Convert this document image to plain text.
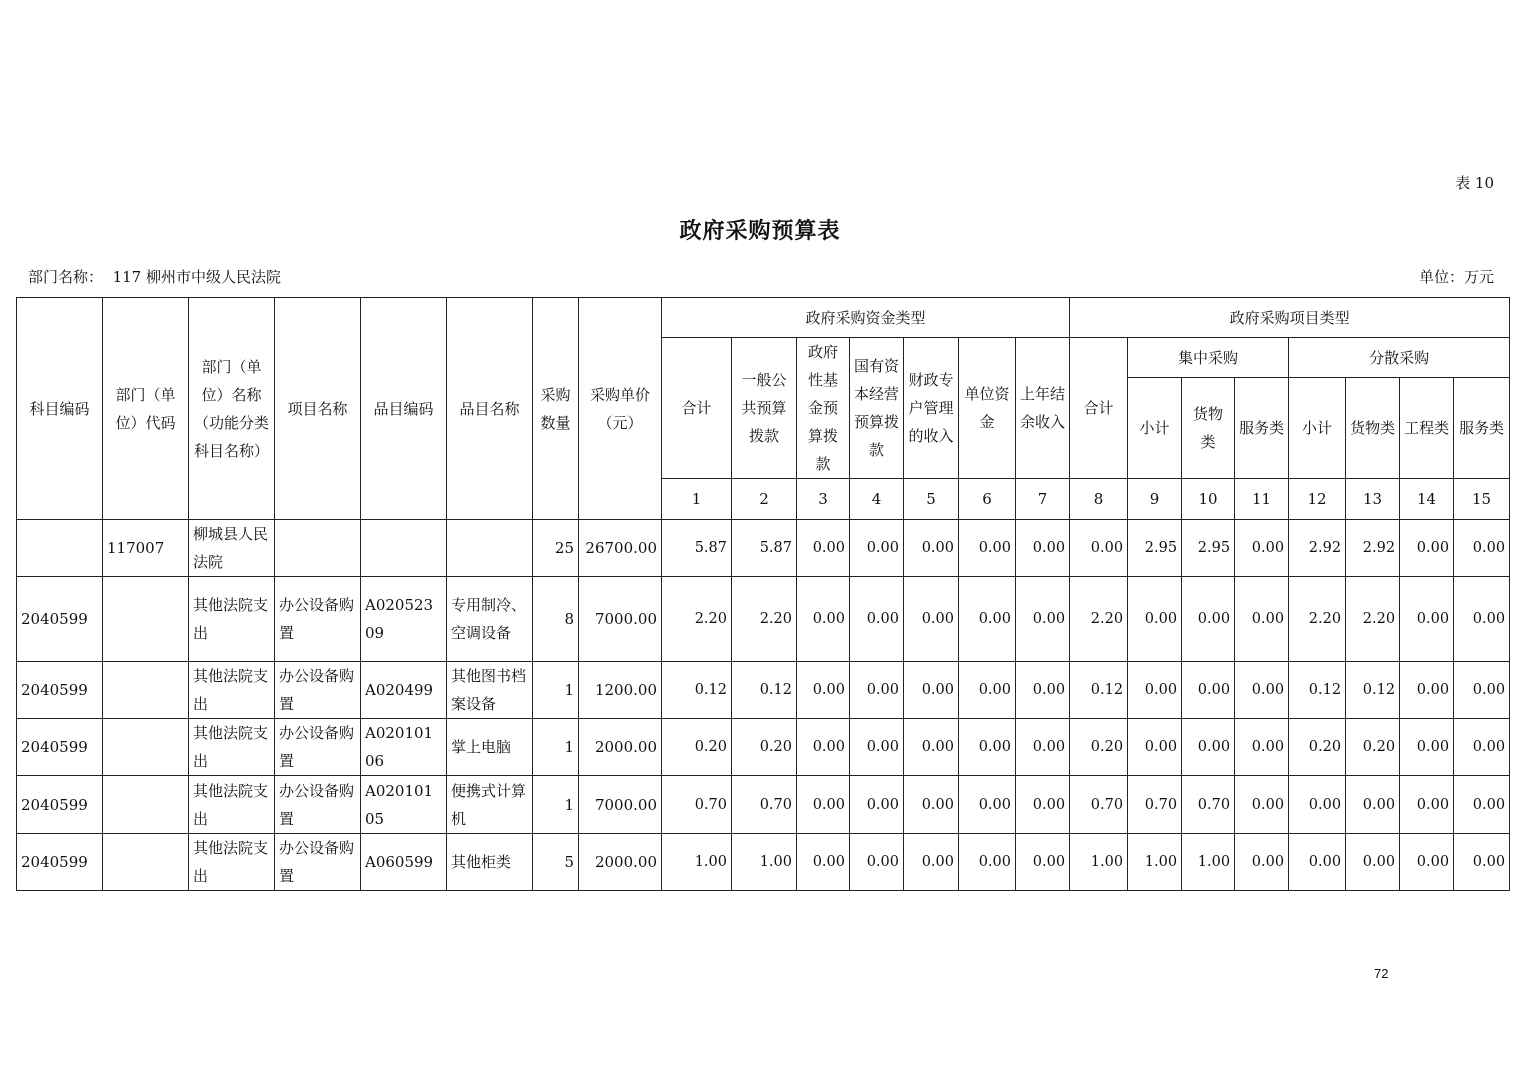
表 10
政府采购预算表
部门名称： 117 柳州市中级人民法院	单位：万元
科目编码	部门（单位）代码	部门（单位）名称（功能分类科目名称）	项目名称	品目编码	品目名称	采购数量	采购单价（元）	政府采购资金类型							政府采购项目类型							
								合计	一般公共预算拨款	政府性基金预算拨款	国有资本经营预算拨款	财政专户管理的收入	单位资金	上年结余收入	合计	集中采购			分散采购			
																小计	货物类	服务类	小计	货物类	工程类	服务类
								1	2	3	4	5	6	7	8	9	10	11	12	13	14	15
	117007	柳城县人民法院				25	26700.00	5.87	5.87	0.00	0.00	0.00	0.00	0.00	0.00	2.95	2.95	0.00	2.92	2.92	0.00	0.00
2040599		其他法院支出	办公设备购置	A02052309	专用制冷、空调设备	8	7000.00	2.20	2.20	0.00	0.00	0.00	0.00	0.00	2.20	0.00	0.00	0.00	2.20	2.20	0.00	0.00
2040599		其他法院支出	办公设备购置	A020499	其他图书档案设备	1	1200.00	0.12	0.12	0.00	0.00	0.00	0.00	0.00	0.12	0.00	0.00	0.00	0.12	0.12	0.00	0.00
2040599		其他法院支出	办公设备购置	A02010106	掌上电脑	1	2000.00	0.20	0.20	0.00	0.00	0.00	0.00	0.00	0.20	0.00	0.00	0.00	0.20	0.20	0.00	0.00
2040599		其他法院支出	办公设备购置	A02010105	便携式计算机	1	7000.00	0.70	0.70	0.00	0.00	0.00	0.00	0.00	0.70	0.70	0.70	0.00	0.00	0.00	0.00	0.00
2040599		其他法院支出	办公设备购置	A060599	其他柜类	5	2000.00	1.00	1.00	0.00	0.00	0.00	0.00	0.00	1.00	1.00	1.00	0.00	0.00	0.00	0.00	0.00
72
